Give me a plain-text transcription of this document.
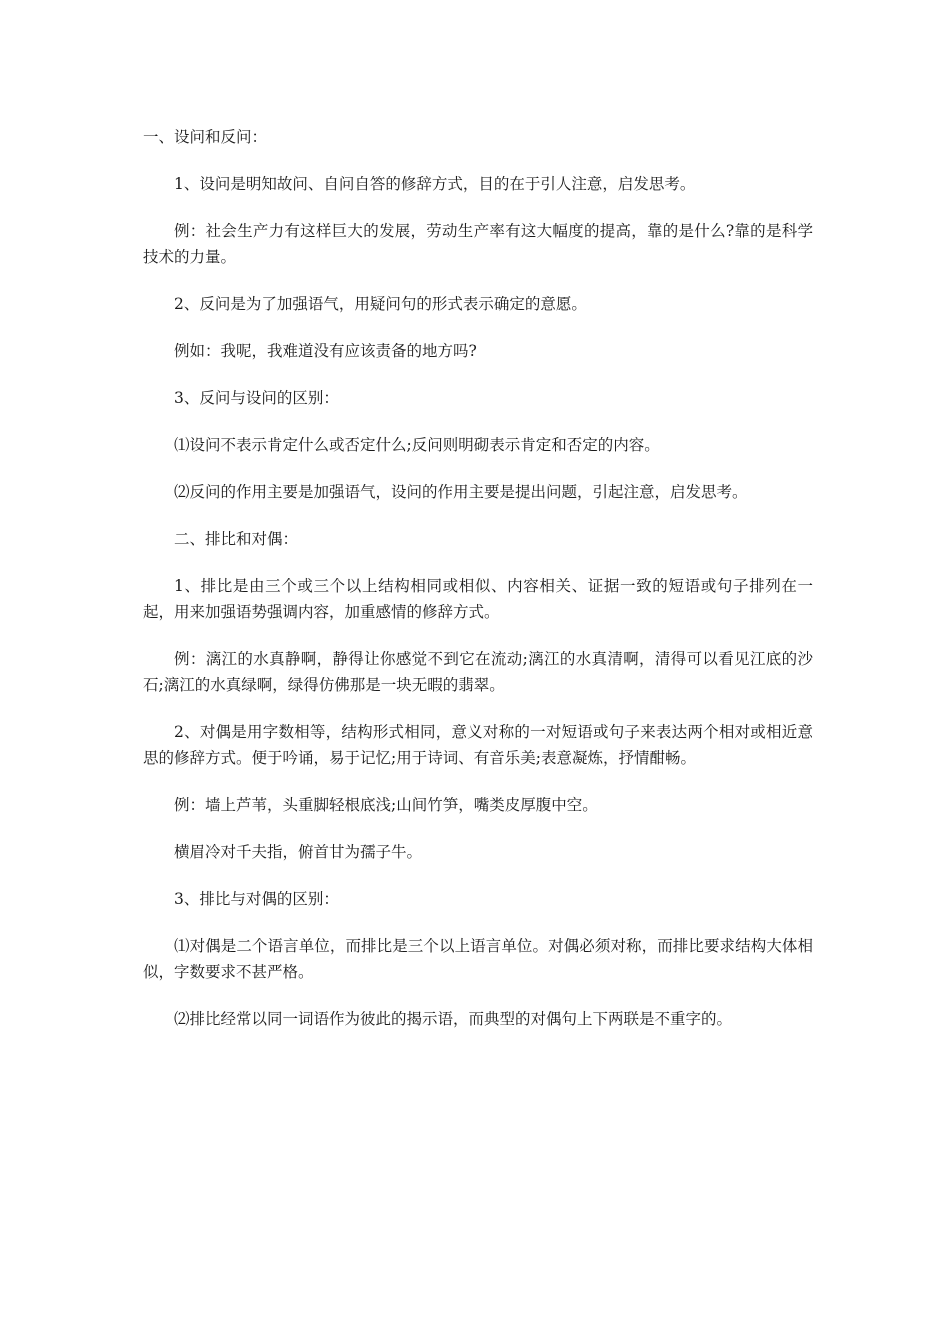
一、设问和反问：

1、设问是明知故问、自问自答的修辞方式，目的在于引人注意，启发思考。

例：社会生产力有这样巨大的发展，劳动生产率有这大幅度的提高，靠的是什么?靠的是科学技术的力量。

2、反问是为了加强语气，用疑问句的形式表示确定的意愿。

例如：我呢，我难道没有应该责备的地方吗?

3、反问与设问的区别：

⑴设问不表示肯定什么或否定什么;反问则明砌表示肯定和否定的内容。

⑵反问的作用主要是加强语气，设问的作用主要是提出问题，引起注意，启发思考。

二、排比和对偶：

1、排比是由三个或三个以上结构相同或相似、内容相关、证据一致的短语或句子排列在一起，用来加强语势强调内容，加重感情的修辞方式。

例：漓江的水真静啊，静得让你感觉不到它在流动;漓江的水真清啊，清得可以看见江底的沙石;漓江的水真绿啊，绿得仿佛那是一块无暇的翡翠。

2、对偶是用字数相等，结构形式相同，意义对称的一对短语或句子来表达两个相对或相近意思的修辞方式。便于吟诵，易于记忆;用于诗词、有音乐美;表意凝炼，抒情酣畅。

例：墙上芦苇，头重脚轻根底浅;山间竹笋，嘴类皮厚腹中空。

横眉冷对千夫指，俯首甘为孺子牛。

3、排比与对偶的区别：

⑴对偶是二个语言单位，而排比是三个以上语言单位。对偶必须对称，而排比要求结构大体相似，字数要求不甚严格。

⑵排比经常以同一词语作为彼此的揭示语，而典型的对偶句上下两联是不重字的。
